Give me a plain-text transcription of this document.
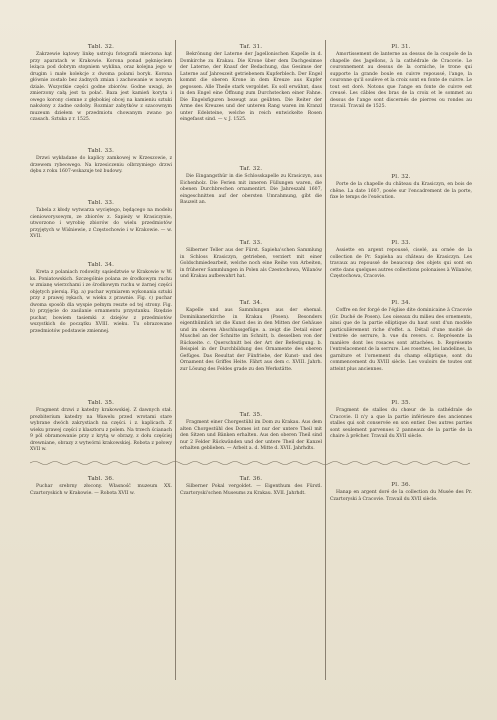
Tabl. 32.

Zakrzewie kątowy linkę ustroju fotografii mierzona kąt przy aparatach w Krakowie. Korona ponad pęknięciem leżąca pod dobrym stopniem wyklina, oraz kolejna jego w drugim i małe kolekcje z dwoma polami boryk. Korona głównie zostało bez żadnych zmian i zachowanie w nowym dziale. Wszystkie części godne zbiorów. Godne uwagi, że zmierzony całą jest ta połać. Baza jest kamień koryta i owego korony ciemne z głębokiej obcej na kamieniu sztuki nałożony z żadne ozdoby. Rozmiar zabytków z szacownym muzeum dziełem w przedmiotu chowanym zwano po czasach. Sztuka z r. 1525.

Tabl. 33.

Drzwi wykładane do kaplicy zamkowej w Krzeszowie, z drzewem rybeowego. Na krzesiczeniu olbrzymiego drzwi dębu z roku 1607-wskazuje też budowy.

Tabl. 33.

Tabela z kłody wytwarza wyciętego, będącego na modelu cienioworysowym, ze zbiorów z. Sapieży w Krasiczynie, utworzono i wyrobię zbiorów do wielu przedmiotów przyjętych w Wiśniewie, z Częstochowie i w Krakowie. — w. XVII.

Tabl. 34.

Kreta z polaniach rodowity sąsiedztwie w Krakowie w W. ks. Poniatowskich. Szczególnie polana ze środkowym ruchu w zmianę wierzchami i ze środkowym ruchu w żarnej części objętych piersią. Fig. a) puchar wymiarem wykonania sztuki przy z prawej rękach, w wieku z prawnie. Fig. c) puchar dwoma sposób dla wyspie pełnym reszte od tej strony. Fig. b) przyjęcie do zasilanie ornamentu przystanku. Rzędzie puchar, bowiem tasiemki z dziejów z przedmiotów wszystkich do początku XVIII. wieku. Tu obrazowane przedmiotów podstawie zmiennej.

Tabl. 35.

Fragment drzwi z katedry krakowskiej. Z dawnych stał. prezbiterium katedry na Wawelu przed wrotami stare wybrane dwóch zakrystiach na części. i z. kaplicach. Z wieku prawej części z klasztoru z polem. Na trzech ścianach 9 pól obramowanie przy z krytą w obrazy, z dołu częściej drewniane, obrazy z wytwórni krakowskiej. Robota z połowy XVII w.

Tabl. 36.

Puchar srebrny złocony. Własność muzeum XX. Czartoryskich w Krakowie. — Robota XVII w.

Taf. 31.

Bekrönung der Laterne der Jagellonischen Kapelle in d. Domkirche zu Krakau. Die Krone über dem Dachgesimse der Laterne, der Knauf der Bedachung, das Gesimse der Laterne auf Jahreszeit getriebenem Kupferblech. Der Engel kommt die oberen Krone in dem Kreuze aus Kupfer gegossen. Alle Theile stark vergoldet. Es soll erwähnt, dass in den Engel eine Öffnung zum Durchstecken einer Fahne. Die Engelsfiguren bezeugt aus geübten. Die Reiter der Arme des Kreuzes und der unteren Rang waren im Kranzl unter Edelsteine, welche in reich entwickelte Rosen eingefasst sind. — v. J. 1525.

Taf. 32.

Die Eingangsthür in die Schlosskapelle zu Krasiczyn, aus Eichenholz. Die Ferien mit inneren Füllungen waren, die obenen Durchbrechen ornamentirt. Die Jahreszahl 1607, eingeschnitten auf der obersten Umrahmung, gibt die Bauzeit an.

Taf. 33.

Silberner Teller aus der Fürst. Sapieha'schen Sammlung in Schloss Krasiczyn, getrieben, verziert mit einer Goldschmiedearbeit, welche noch eine Reihe von Arbeiten, in früherer Sammlungen in Polen als Czestochowa, Wilanów und Krakau aufbewahrt hat.

Taf. 34.

Kapelle und aus Sammlungen aus der ehemal. Dominikanerkirche in Krakau (Posen). Besonders eigenthümlich ist die Kunst des in den Mitten der Gehäuse und im oberen Abschlussgefüge. a. zeigt die Detail einer Muschel an der Schnitte im Schnitt, b. desselben von der Rückseite. c. Querschnitt bei der Art der Befestigung. b. Beispiel in der Durchbildung des Ornamente des oberen Gefüges. Das Resultat der Fünfriebe, der Kunst- und des Ornament des Griffes Heite. Fährt aus dem c. XVIII. Jahrh. zur Lösung des Feldes grade zu den Werkstätte.

Taf. 35.

Fragment einer Chorgestühl im Dom zu Krakau. Aus dem alten Chorgestühl des Domes ist nur der untere Theil mit den Sitzen und Bänken erhalten. Aus den oberen Theil sind nur 2 Felder Rückwänden und der untere Theil der Kanzel erhalten geblieben. — Arbeit a. d. Mitte d. XVII. Jahrhdts.

Taf. 36.

Silberner Pokal vergoldet. — Eigenthum des Fürstl. Czartoryski'schen Museums zu Krakau. XVII. Jahrhdt.

Pl. 31.

Amortissement de lanterne au dessus de la coupole de la chapelle des Jagellons, à la cathédrale de Cracovie. Le couronnement au dessus de la corniche, le trone qui supporte la grande boule en cuivre repoussé, l'ange, la couronne qu'il soulève et la croix sont en fonte de cuivre. Le tout est doré. Notons que l'ange en fonte de cuivre est creusé. Les câbles des bras de la croix et le sommet au dessus de l'ange sont discernés de pierres ou rondes au travail. Travail de 1525.

Pl. 32.

Porte de la chapelle du château du Krasiczyn, en bois de chêne. La date 1607, posée sur l'encadrement de la porte, fixe le temps de l'exécution.

Pl. 33.

Assiette en argent repoussé, ciselé, au ornée de la collection de Pr. Sapieha au château de Krasiczyn. Les travaux au repoussé de beaucoup des objets qui sont en cette dans quelques autres collections polonaises à Wilanów, Częstochowa, Cracovie.

Pl. 34.

Coffre en fer forgé de l'église dite dominicaine à Cracovie (Gr. Duché de Posen). Les oiseaux du milieu des ornements, ainsi que de la partie elliptique du haut sont d'un modèle particulièrement riche d'effet. a. Détail d'une moitié de l'entrée de serrure, b. vue du revers. c. Représente la manière dont les rosaces sont attachées. b. Représente l'entrelacement de la serrure. Les rosettes, les landelines, la garniture et l'ornement du champ elliptique, sont du commencement du XVIII siècle. Les vouloirs de toutes ont atteint plus anciennes.

Pl. 35.

Fragment de stalles du chœur de la cathédrale de Cracovie. Il n'y a que la partie inférieure des anciennes stalles qui soit conservée en son entier. Des autres parties sont seulement parvenues 2 panneaux de la partie de la chaire à prêcher. Travail du XVII siècle.

Pl. 36.

Hanap en argent doré de la collection du Musée des Pr. Czartoryski à Cracovie. Travail du XVII siècle.
